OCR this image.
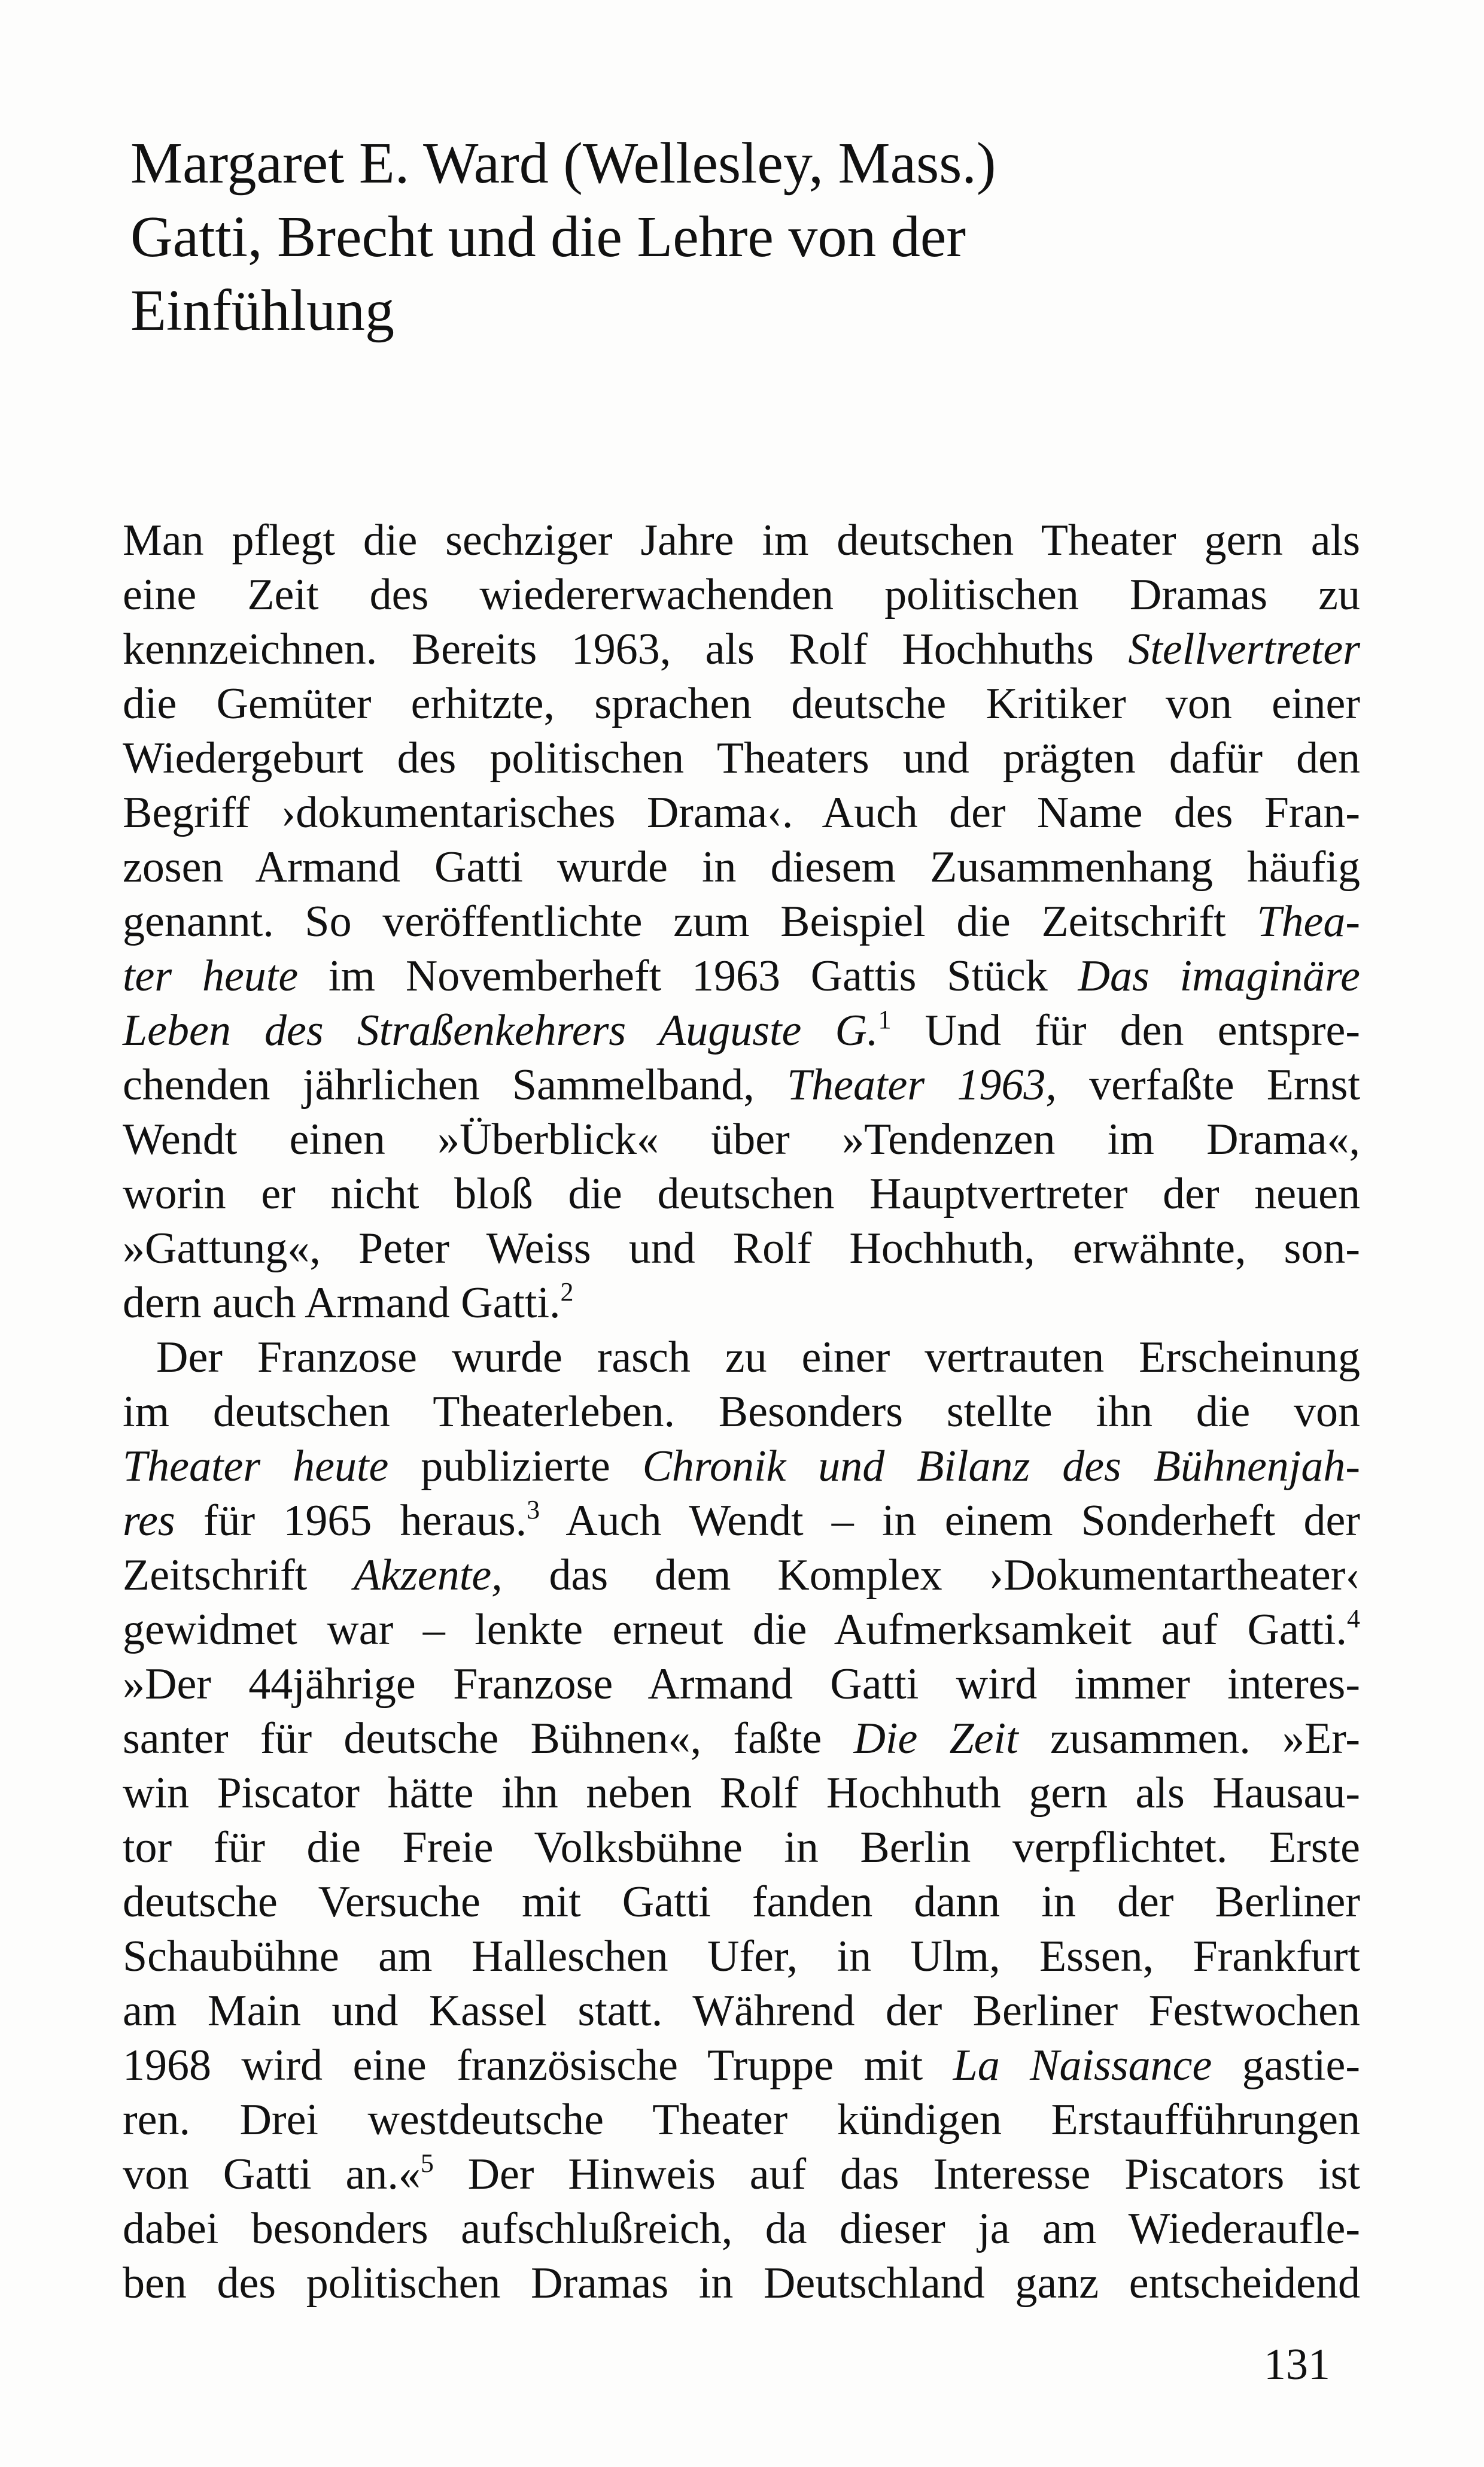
Margaret E. Ward (Wellesley, Mass.)
Gatti, Brecht und die Lehre von der
Einfühlung

Man pflegt die sechziger Jahre im deutschen Theater gern als
eine Zeit des wiedererwachenden politischen Dramas zu
kennzeichnen. Bereits 1963, als Rolf Hochhuths Stellvertreter
die Gemüter erhitzte, sprachen deutsche Kritiker von einer
Wiedergeburt des politischen Theaters und prägten dafür den
Begriff ›dokumentarisches Drama‹. Auch der Name des Fran-
zosen Armand Gatti wurde in diesem Zusammenhang häufig
genannt. So veröffentlichte zum Beispiel die Zeitschrift Thea-
ter heute im Novemberheft 1963 Gattis Stück Das imaginäre
Leben des Straßenkehrers Auguste G.$^1$ Und für den entspre-
chenden jährlichen Sammelband, Theater 1963, verfaßte Ernst
Wendt einen »Überblick« über »Tendenzen im Drama«,
worin er nicht bloß die deutschen Hauptvertreter der neuen
»Gattung«, Peter Weiss und Rolf Hochhuth, erwähnte, son-
dern auch Armand Gatti.$^2$

Der Franzose wurde rasch zu einer vertrauten Erscheinung
im deutschen Theaterleben. Besonders stellte ihn die von
Theater heute publizierte Chronik und Bilanz des Bühnenjah-
res für 1965 heraus.$^3$ Auch Wendt – in einem Sonderheft der
Zeitschrift Akzente, das dem Komplex ›Dokumentartheater‹
gewidmet war – lenkte erneut die Aufmerksamkeit auf Gatti.$^4$
»Der 44jährige Franzose Armand Gatti wird immer interes-
santer für deutsche Bühnen«, faßte Die Zeit zusammen. »Er-
win Piscator hätte ihn neben Rolf Hochhuth gern als Hausau-
tor für die Freie Volksbühne in Berlin verpflichtet. Erste
deutsche Versuche mit Gatti fanden dann in der Berliner
Schaubühne am Halleschen Ufer, in Ulm, Essen, Frankfurt
am Main und Kassel statt. Während der Berliner Festwochen
1968 wird eine französische Truppe mit La Naissance gastie-
ren. Drei westdeutsche Theater kündigen Erstaufführungen
von Gatti an.«$^5$ Der Hinweis auf das Interesse Piscators ist
dabei besonders aufschlußreich, da dieser ja am Wiederaufle-
ben des politischen Dramas in Deutschland ganz entscheidend

131
